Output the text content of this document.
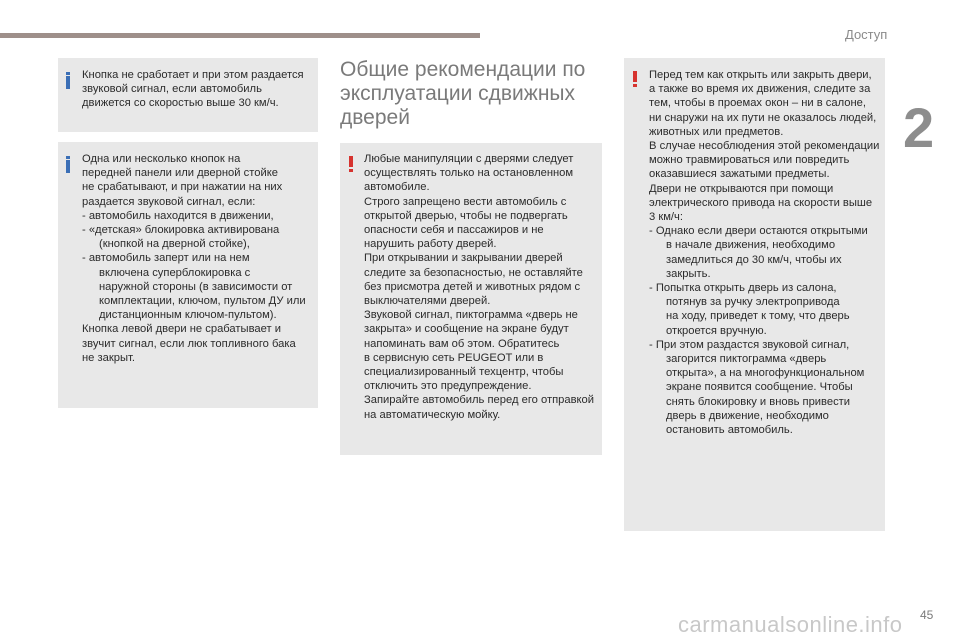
Доступ
2

Кнопка не сработает и при этом раздается

звуковой сигнал, если автомобиль

движется со скоростью выше 30 км/ч.

Одна или несколько кнопок на

передней панели или дверной стойке

не срабатывают, и при нажатии на них

раздается звуковой сигнал, если:

- автомобиль находится в движении,

- «детская» блокировка активирована

(кнопкой на дверной стойке),

- автомобиль заперт или на нем

включена суперблокировка с

наружной стороны (в зависимости от

комплектации, ключом, пультом ДУ или

дистанционным ключом-пультом).

Кнопка левой двери не срабатывает и

звучит сигнал, если люк топливного бака

не закрыт.

Общие рекомендации по эксплуатации сдвижных дверей

Любые манипуляции с дверями следует

осуществлять только на остановленном

автомобиле.

Строго запрещено вести автомобиль с

открытой дверью, чтобы не подвергать

опасности себя и пассажиров и не

нарушить работу дверей.

При открывании и закрывании дверей

следите за безопасностью, не оставляйте

без присмотра детей и животных рядом с

выключателями дверей.

Звуковой сигнал, пиктограмма «дверь не

закрыта» и сообщение на экране будут

напоминать вам об этом. Обратитесь

в сервисную сеть PEUGEOT или в

специализированный техцентр, чтобы

отключить это предупреждение.

Запирайте автомобиль перед его отправкой

на автоматическую мойку.

Перед тем как открыть или закрыть двери,

а также во время их движения, следите за

тем, чтобы в проемах окон – ни в салоне,

ни снаружи на их пути не оказалось людей,

животных или предметов.

В случае несоблюдения этой рекомендации

можно травмироваться или повредить

оказавшиеся зажатыми предметы.

Двери не открываются при помощи

электрического привода на скорости выше

3 км/ч:

- Однако если двери остаются открытыми

в начале движения, необходимо

замедлиться до 30 км/ч, чтобы их

закрыть.

- Попытка открыть дверь из салона,

потянув за ручку электропривода

на ходу, приведет к тому, что дверь

откроется вручную.

- При этом раздастся звуковой сигнал,

загорится пиктограмма «дверь

открыта», а на многофункциональном

экране появится сообщение. Чтобы

снять блокировку и вновь привести

дверь в движение, необходимо

остановить автомобиль.

carmanualsonline.info 45
